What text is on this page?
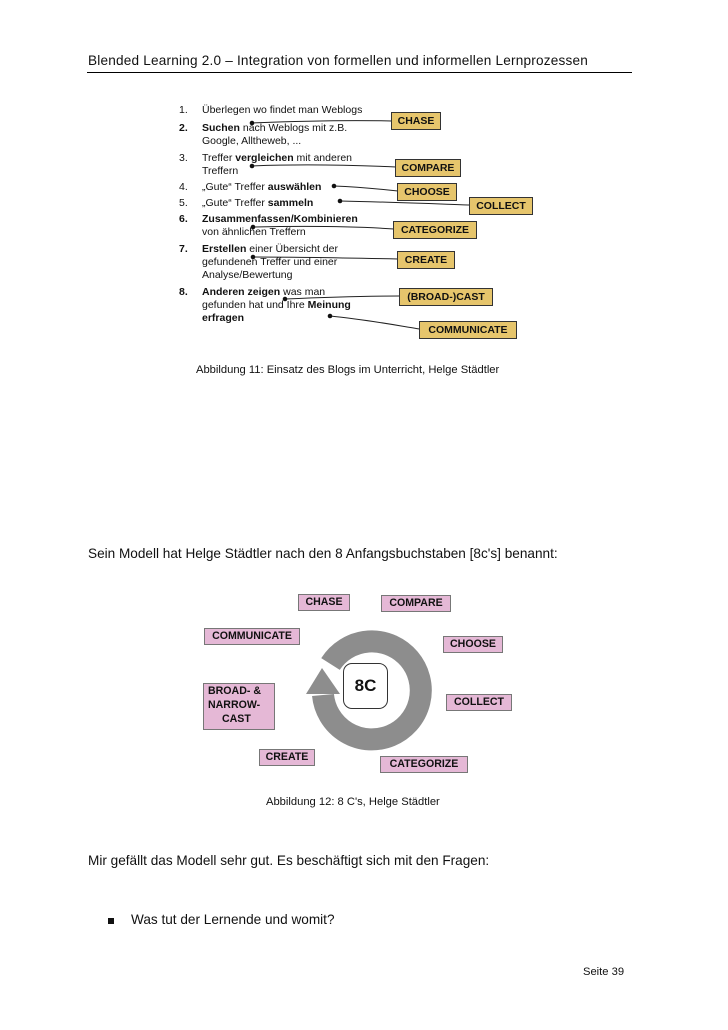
Blended Learning 2.0 – Integration von formellen und informellen Lernprozessen
1.
2.
3.
4.
5.
6.
7.
8.
Überlegen wo findet man Weblogs
Suchen nach Weblogs mit z.B.
Google, Alltheweb, ...
Treffer vergleichen mit anderen
Treffern
„Gute“ Treffer auswählen
„Gute“ Treffer sammeln
Zusammenfassen/Kombinieren
von ähnlichen Treffern
Erstellen einer Übersicht der
gefundenen Treffer und einer
Analyse/Bewertung
Anderen zeigen was man
gefunden hat und Ihre Meinung
erfragen
CHASE
COMPARE
CHOOSE
COLLECT
CATEGORIZE
CREATE
(BROAD-)CAST
COMMUNICATE
Abbildung 11: Einsatz des Blogs im Unterricht, Helge Städtler
Sein Modell hat Helge Städtler nach den 8 Anfangsbuchstaben [8c's] benannt:
8C
CHASE	COMPARE
COMMUNICATE
CHOOSE
BROAD- &
NARROW-
CAST
COLLECT
CREATE
CATEGORIZE
Abbildung 12: 8 C's, Helge Städtler
Mir gefällt das Modell sehr gut. Es beschäftigt sich mit den Fragen:
Was tut der Lernende und womit?
Seite 39
